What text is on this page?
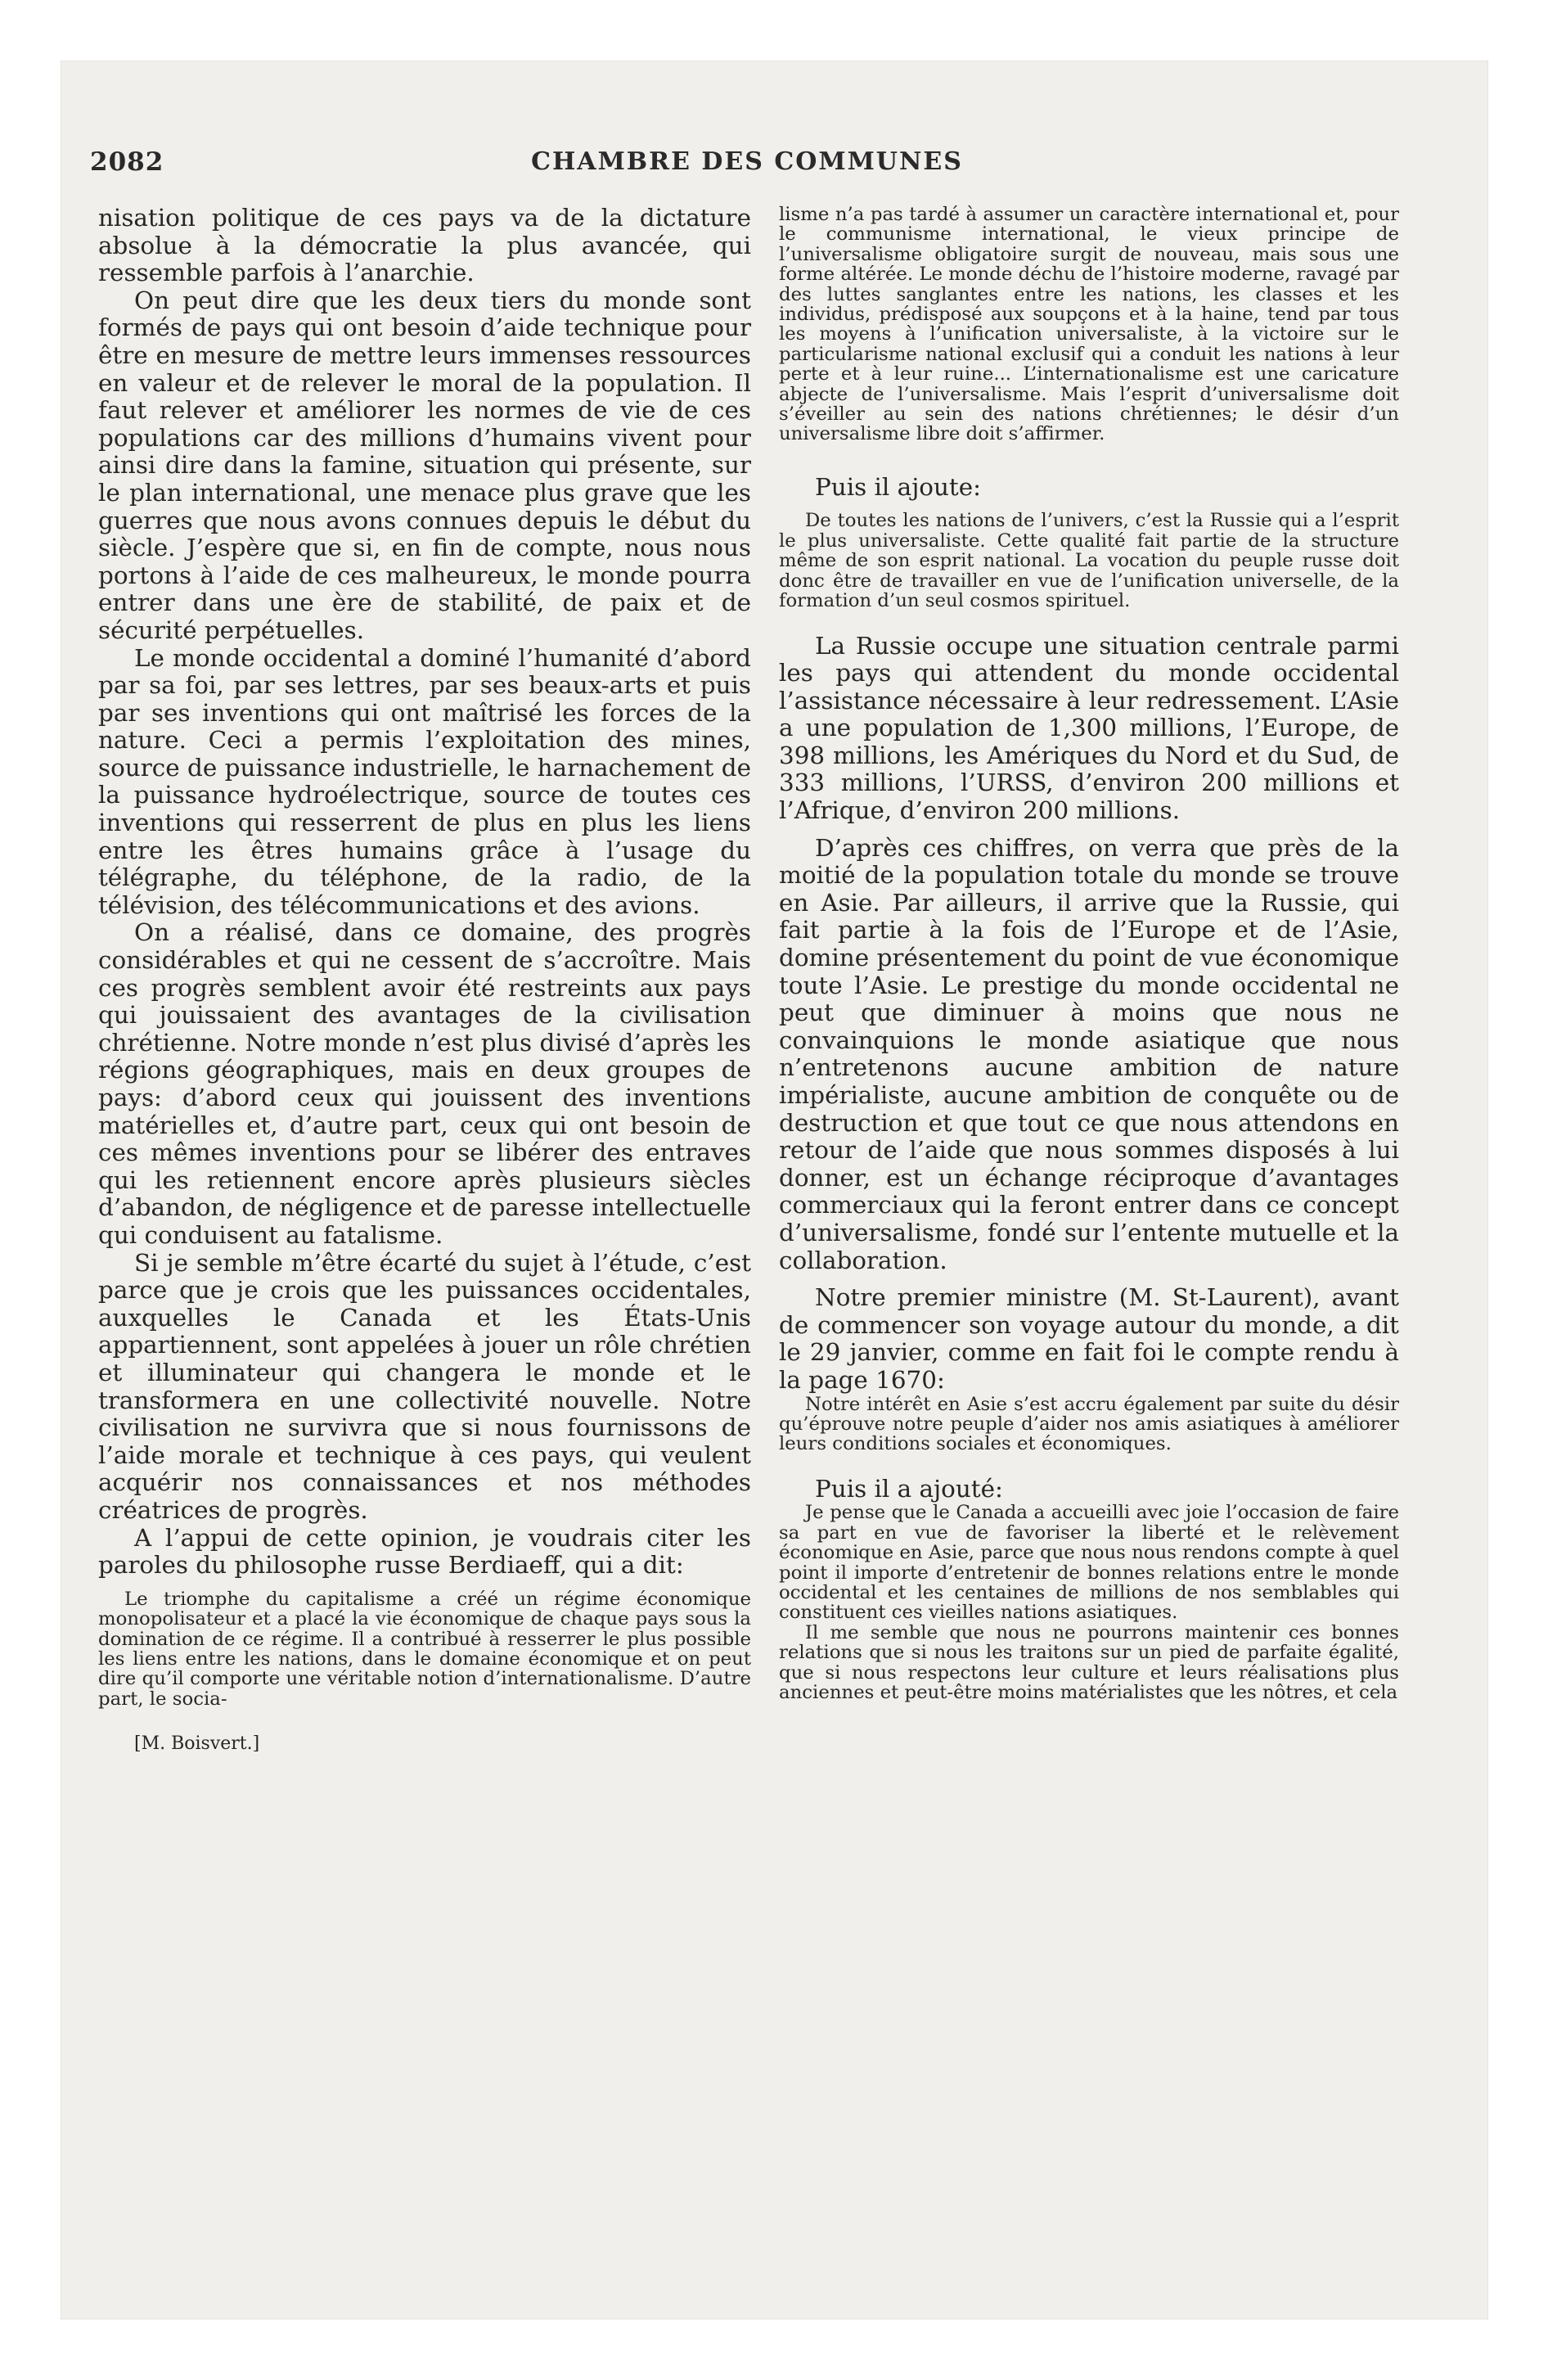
CHAMBRE DES COMMUNES
2082

nisation politique de ces pays va de la dictature absolue à la démocratie la plus avancée, qui ressemble parfois à l’anarchie.

On peut dire que les deux tiers du monde sont formés de pays qui ont besoin d’aide technique pour être en mesure de mettre leurs immenses ressources en valeur et de relever le moral de la population. Il faut relever et améliorer les normes de vie de ces populations car des millions d’humains vivent pour ainsi dire dans la famine, situation qui présente, sur le plan international, une menace plus grave que les guerres que nous avons connues depuis le début du siècle. J’espère que si, en fin de compte, nous nous portons à l’aide de ces malheureux, le monde pourra entrer dans une ère de stabilité, de paix et de sécurité perpétuelles.

Le monde occidental a dominé l’humanité d’abord par sa foi, par ses lettres, par ses beaux-arts et puis par ses inventions qui ont maîtrisé les forces de la nature. Ceci a permis l’exploitation des mines, source de puissance industrielle, le harnachement de la puissance hydroélectrique, source de toutes ces inventions qui resserrent de plus en plus les liens entre les êtres humains grâce à l’usage du télégraphe, du téléphone, de la radio, de la télévision, des télécommunications et des avions.

On a réalisé, dans ce domaine, des progrès considérables et qui ne cessent de s’accroître. Mais ces progrès semblent avoir été restreints aux pays qui jouissaient des avantages de la civilisation chrétienne. Notre monde n’est plus divisé d’après les régions géographiques, mais en deux groupes de pays: d’abord ceux qui jouissent des inventions matérielles et, d’autre part, ceux qui ont besoin de ces mêmes inventions pour se libérer des entraves qui les retiennent encore après plusieurs siècles d’abandon, de négligence et de paresse intellectuelle qui conduisent au fatalisme.

Si je semble m’être écarté du sujet à l’étude, c’est parce que je crois que les puissances occidentales, auxquelles le Canada et les États-Unis appartiennent, sont appelées à jouer un rôle chrétien et illuminateur qui changera le monde et le transformera en une collectivité nouvelle. Notre civilisation ne survivra que si nous fournissons de l’aide morale et technique à ces pays, qui veulent acquérir nos connaissances et nos méthodes créatrices de progrès.

A l’appui de cette opinion, je voudrais citer les paroles du philosophe russe Berdiaeff, qui a dit:

Le triomphe du capitalisme a créé un régime économique monopolisateur et a placé la vie économique de chaque pays sous la domination de ce régime. Il a contribué à resserrer le plus possible les liens entre les nations, dans le domaine économique et on peut dire qu’il comporte une véritable notion d’internationalisme. D’autre part, le socia-

[M. Boisvert.]

lisme n’a pas tardé à assumer un caractère international et, pour le communisme international, le vieux principe de l’universalisme obligatoire surgit de nouveau, mais sous une forme altérée. Le monde déchu de l’histoire moderne, ravagé par des luttes sanglantes entre les nations, les classes et les individus, prédisposé aux soupçons et à la haine, tend par tous les moyens à l’unification universaliste, à la victoire sur le particularisme national exclusif qui a conduit les nations à leur perte et à leur ruine... L’internationalisme est une caricature abjecte de l’universalisme. Mais l’esprit d’universalisme doit s’éveiller au sein des nations chrétiennes; le désir d’un universalisme libre doit s’affirmer.

Puis il ajoute:

De toutes les nations de l’univers, c’est la Russie qui a l’esprit le plus universaliste. Cette qualité fait partie de la structure même de son esprit national. La vocation du peuple russe doit donc être de travailler en vue de l’unification universelle, de la formation d’un seul cosmos spirituel.

La Russie occupe une situation centrale parmi les pays qui attendent du monde occidental l’assistance nécessaire à leur redressement. L’Asie a une population de 1,300 millions, l’Europe, de 398 millions, les Amériques du Nord et du Sud, de 333 millions, l’URSS, d’environ 200 millions et l’Afrique, d’environ 200 millions.

D’après ces chiffres, on verra que près de la moitié de la population totale du monde se trouve en Asie. Par ailleurs, il arrive que la Russie, qui fait partie à la fois de l’Europe et de l’Asie, domine présentement du point de vue économique toute l’Asie. Le prestige du monde occidental ne peut que diminuer à moins que nous ne convainquions le monde asiatique que nous n’entretenons aucune ambition de nature impérialiste, aucune ambition de conquête ou de destruction et que tout ce que nous attendons en retour de l’aide que nous sommes disposés à lui donner, est un échange réciproque d’avantages commerciaux qui la feront entrer dans ce concept d’universalisme, fondé sur l’entente mutuelle et la collaboration.

Notre premier ministre (M. St-Laurent), avant de commencer son voyage autour du monde, a dit le 29 janvier, comme en fait foi le compte rendu à la page 1670:

Notre intérêt en Asie s’est accru également par suite du désir qu’éprouve notre peuple d’aider nos amis asiatiques à améliorer leurs conditions sociales et économiques.

Puis il a ajouté:

Je pense que le Canada a accueilli avec joie l’occasion de faire sa part en vue de favoriser la liberté et le relèvement économique en Asie, parce que nous nous rendons compte à quel point il importe d’entretenir de bonnes relations entre le monde occidental et les centaines de millions de nos semblables qui constituent ces vieilles nations asiatiques.

Il me semble que nous ne pourrons maintenir ces bonnes relations que si nous les traitons sur un pied de parfaite égalité, que si nous respectons leur culture et leurs réalisations plus anciennes et peut-être moins matérialistes que les nôtres, et cela
